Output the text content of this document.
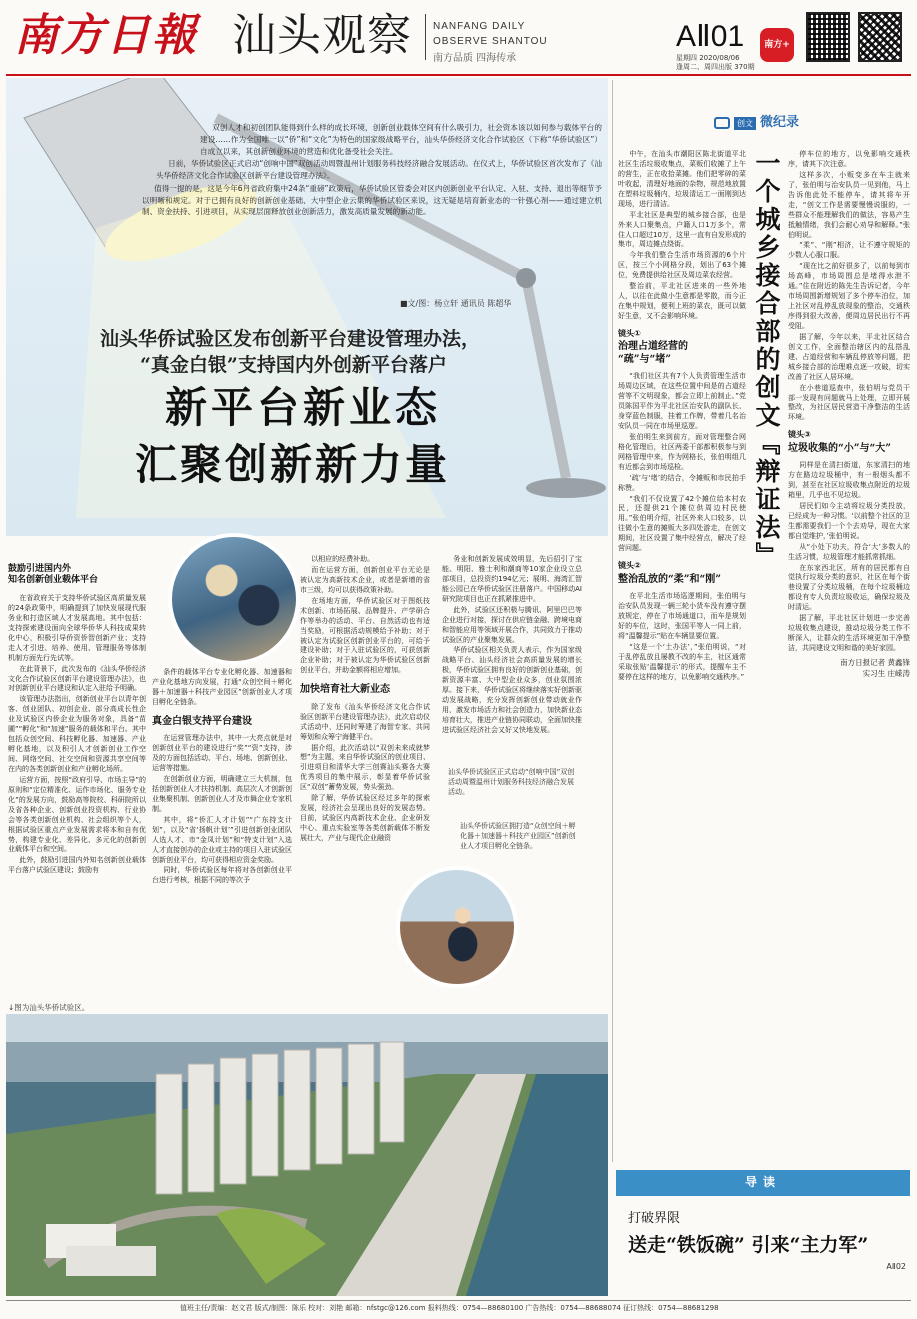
南方日報 汕头观察 NANFANG DAILY
OBSERVE SHANTOU
南方品质 四海传承
AⅡ01
星期四 2020/08/06
逢周二、周四出版 370期
南方+

双创人才和初创团队能得到什么样的成长环境，创新创业载体空间有什么吸引力，社会资本该以如何参与载体平台的建设……作为全国唯一以“侨”和“文化”为特色的国家级战略平台，汕头华侨经济文化合作试验区（下称“华侨试验区”）自成立以来，其创新创业环境的营造和优化备受社会关注。

日前，华侨试验区正式启动“创响中国”双创活动周暨温州计划服务科技经济融合发展活动。在仪式上，华侨试验区首次发布了《汕头华侨经济文化合作试验区创新平台建设管理办法》。

值得一提的是，这是今年6月省政府集中24条“重磅”政策后，华侨试验区管委会对区内创新创业平台认定、入驻、支持、退出等细节予以明晰和规定。对于已拥有良好的创新创业基础、大中型企业云集的华侨试验区来说，这无疑是培育新业态的一针强心剂——通过建立机制、资金扶持、引进项目，从实现层面释放创业创新活力，激发高质量发展的新动能。

■文/图：杨立轩 通讯员 陈超华
汕头华侨试验区发布创新平台建设管理办法，
“真金白银”支持国内外创新平台落户
新平台新业态
汇聚创新新力量
鼓励引进国内外
知名创新创业载体平台

在省政府关于支持华侨试验区高质量发展的24条政策中，明确提到了加快发展现代服务业和打造区域人才发展高地。其中包括：支持探索建设面向全球华侨华人科技成果转化中心，积极引导侨资侨智创新产业；支持走人才引进、培养、使用、管理服务等体制机制方面先行先试等。

在此背景下，此次发布的《汕头华侨经济文化合作试验区创新平台建设管理办法》，也对创新创业平台建设和认定入驻给予明确。

该管理办法指出，创新创业平台以青年创客、创业团队、初创企业、部分高成长性企业及试验区内侨企业为服务对象，具备“苗圃”“孵化”和“加速”服务的载体和平台。其中包括众创空间、科技孵化器、加速器、产业孵化基地，以及积引人才创新创业工作空间、网络空间、社交空间和资源共享空间等在内的各类创新创业和产业孵化场所。

运营方面，按照“政府引导、市场主导”的原则和“定位精准化、运作市场化、服务专业化”的发展方向，鼓励高等院校、科研院所以及省各种企业、创新创业投资机构、行业协会等各类创新创业机构、社会组织等个人，根据试验区重点产业发展需求将本和自有优势，构建专业化、差异化、多元化的创新创业载体平台和空间。

此外，鼓励引进国内外知名创新创业载体平台落户试验区建设；鼓励有

条件的载体平台专业化孵化器、加速器和产业化基地方向发展，打通“众创空间＋孵化器＋加速器＋科技产业园区”创新创业人才项目孵化全链条。

真金白银支持平台建设

在运营管理办法中，其中一大亮点就是对创新创业平台的建设进行“奖”“资”支持，涉及的方面包括活动、平台、场地、创新创业、运营等措施。

在创新创业方面，明确建立三大机制，包括创新创业人才扶持机制、高层次人才创新创业集聚机制、创新创业人才及市舞企业专家机制。

其中，将“侨汇人才计划”“广东持支计划”，以及“省‘扬帆计划’”引进创新创业团队人选人才、市“金凤计划”和“特支计划”入选人才直接创办的企业或主持的项目入驻试验区创新创业平台，均可获得相应资金奖励。

同时，华侨试验区每年将对各创新创业平台进行考核，根据不同的等次予

以相应的经费补助。

而在运营方面，创新创业平台无论是被认定为高新技术企业，或者是新增的省市三级，均可以获得政策补助。

在场地方面，华侨试验区对于图纸技术创新、市场拓展、品牌提升、产学研合作等举办的活动、平台、自然活动也有适当奖励，可根据活动规模给予补助；对于被认定为试验区创新创业平台的，可给予建设补助；对于入驻试验区的，可获创新企业补助；对于被认定为华侨试验区创新创业平台，并助金额将相应增加。

加快培育社大新业态

除了发布《汕头华侨经济文化合作试验区创新平台建设管理办法》，此次启动仪式活动中，还同时筹建了海智专家、共同筹划和众筹宁海健平台。

据介绍，此次活动以“双创未来成就梦想”为主题，来自华侨试验区的创业项目、引进项目和清华大学三创赛汕头赛各大赛优秀项目的集中展示，彰显着华侨试验区“双创”蓄势发展，势头强劲。

除了解，华侨试验区经过多年的探索发展，经济社会呈现出良好的发展态势。目前，试验区内高新技术企业、企业研发中心、重点实验室等各类创新载体不断发展壮大，产业与现代企业融资

务业和创新发展成效明显，先后招引了宝能、明阳、雅士利和潮商等10家企业设立总部项目，总投资约194亿元；展明、海湾汇智能公园已在华侨试验区注册落户。中国移动AI研究院项目也正在抓紧推进中。

此外，试验区还积极与腾讯、阿里巴巴等企业进行对接，探讨在供应链金融、跨境电商和智能应用等领域开展合作，共同致力于推动试验区的产业聚集发展。

华侨试验区相关负责人表示，作为国家级战略平台、汕头经济社会高质量发展的增长极，华侨试验区拥有良好的创新创业基础，创新资源丰富、大中型企业众多，创业氛围浓厚。接下来，华侨试验区将继续落实好创新驱动发展战略，充分发挥创新创业带动就业作用，激发市场活力和社会创造力，加快新业态培育壮大，推进产业链协同联动，全面加快推进试验区经济社会又好又快地发展。

汕头华侨试验区正式启动“创响中国”双创活动周暨温州计划服务科技经济融合发展活动。
汕头华侨试验区拥打造“众创空间＋孵化器＋加速器＋科技产业园区”创新创业人才项目孵化全链条。
↓图为汕头华侨试验区。
创文 微纪录
一个城乡接合部的创文『辩证法』

中午，在汕头市潮阳区陈北街道平北社区生活垃圾收集点，菜贩们收摊了上午的营生，正在收拾菜摊。他们把零碎的菜叶收起，清理好地面的杂物，规范地放置在塑料垃圾桶内，垃圾清运工一面刚到达现场，进行清洁。

平北社区是典型的城乡接合部，也是外来人口聚集点，户籍人口1万多个，常住人口超过10万，这里一直有自发形成的集市，周边摊点绕街。

今年我们整合生活市场资源的6个片区，按三个小网格分段，划出了63个摊位，免费提供给社区及周边菜农经营。

整治前，平北社区进来的一些外地人，以往在此做小生意都是零散，而今正在集中规划，便利上班的菜农，既可以做好生意，又不会影响环境。

镜头①
治理占道经营的
“疏”与“堵”

“我们社区共有7个人负责管理生活市场周边区域，在这些位置中间是的占道经营等不文明现象，都会立即上前制止。”党员陈国平作为平北社区治安队的副队长，身穿蓝色制服，挂着工作牌，带着几名治安队员一同在市场里巡逻。

张伯明生来到前方，面对管理整合网格化管理后，社区两委干部都积极参与到网格管理中来，作为网格长，张伯明组几有近都会到市场巡检。

‘疏’与‘堵’的结合，令摊贩和市民拍手称赞。

“我们不仅设置了42个摊位给本村农民，还提供21个摊位供周边村民使用。”张伯明介绍，社区外来人口较多，以往做小生意的摊贩大多四处游走，在创文期间，社区设置了集中经营点，解决了经营问题。

镜头②
整治乱放的“柔”和“刚”

在平北生活市场巡逻期间，张伯明与治安队员发现一辆三轮小货车没有遵守摆放规定，停在了市场通道口，而车是规划好的车位，这时，张国平等人一同上前，将“温馨提示”贴在车辆显要位置。

“这是一个‘土办法’，”张伯明说，“对于乱停乱放且屡教不改的车主，社区通常采取张贴‘温馨提示’的形式，提醒车主不要停在这样的地方，以免影响交通秩序。”

停车位的地方，以免影响交通秩序，请其下次注意。

这样多次，小贩变多在车主就来了，张伯明与治安队员一见到他，马上告诉他此处不能停车，请其将车开走，“创文工作是需要慢慢说服的，一些群众不能理解我们的做法，容易产生抵触情绪，我们会耐心劝导和解释。”张伯明说。

“柔”、“刚”相济，让不遵守规矩的少数人心服口服。

“现在比之前好很多了，以前每到市场高峰，市场周围总是堵得水泄不通。”住在附近的陈先生告诉记者，今年市场周围新增规划了多个停车泊位，加上社区对乱停乱放现象的整治，交通秩序得到很大改善，便周边居民出行不再受阻。

据了解，今年以来，平北社区结合创文工作，全面整治辖区内的乱搭乱建、占道经营和车辆乱停放等问题，把城乡接合部的治理难点逐一攻破，切实改善了社区人居环境。

在小巷道巡查中，张伯明与党员干部一发现有问题就马上处理，立即开展整改，为社区居民营造干净整洁的生活环境。

镜头③
垃圾收集的“小”与“大”

同样是在清扫街道，东家清扫的地方在路边垃圾桶中，有一根烟头都不到，甚至在社区垃圾收集点附近的垃圾箱里，几乎也不见垃圾。

居民们如今主动将垃圾分类投放，已经成为一种习惯。‘以前整个社区的卫生都需要我们一个个去劝导，现在大家都自觉维护，’张伯明说。

从“小处下功夫，符合‘大’多数人的生活习惯，垃圾管理才能抓常抓细。

在东家西北区，所有的居民都有自觉执行垃圾分类的意识，社区在每个街巷设置了分类垃圾桶，在每个垃圾桶边都设有专人负责垃圾收运，确保垃圾及时清运。

据了解，平北社区计划进一步完善垃圾收集点建设，推动垃圾分类工作不断深入，让群众的生活环境更加干净整洁，共同建设文明和谐的美好家园。

南方日报记者 黄鑫锋
实习生 庄嵘涛
导读
打破界限
送走“铁饭碗” 引来“主力军”
AⅡ02
值班主任/责编：赵文君 版式/制图：陈乐 校对：刘艳 邮箱：nfstgc@126.com 报料热线：0754—88680100 广告热线：0754—88688074 征订热线：0754—88681298
